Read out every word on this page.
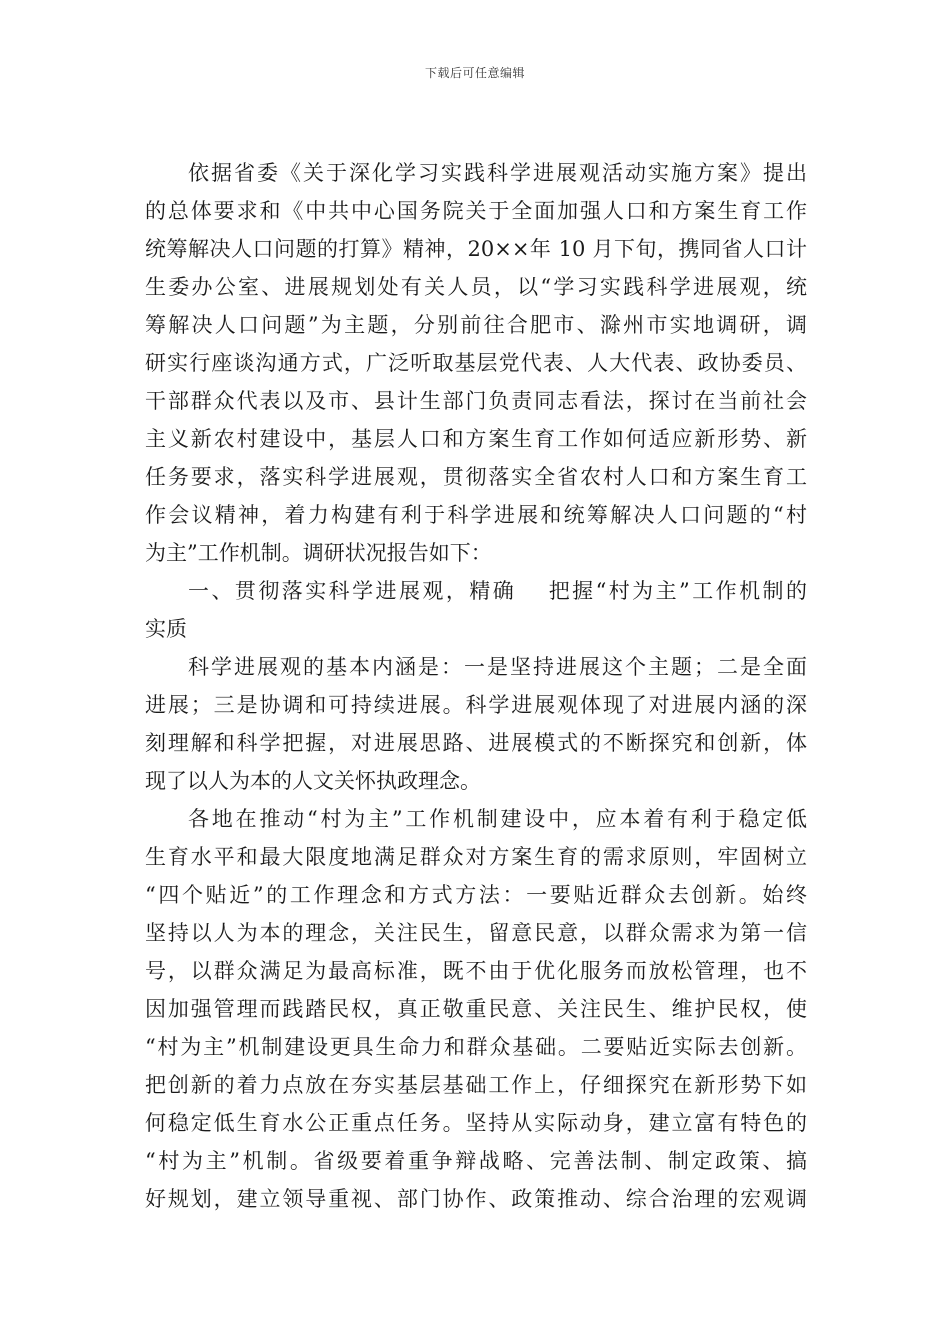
下载后可任意编辑
依据省委《关于深化学习实践科学进展观活动实施方案》提出
的总体要求和《中共中心国务院关于全面加强人口和方案生育工作
统筹解决人口问题的打算》精神，20××年 10 月下旬，携同省人口计
生委办公室、进展规划处有关人员，以“学习实践科学进展观，统
筹解决人口问题”为主题，分别前往合肥市、滁州市实地调研，调
研实行座谈沟通方式，广泛听取基层党代表、人大代表、政协委员、
干部群众代表以及市、县计生部门负责同志看法，探讨在当前社会
主义新农村建设中，基层人口和方案生育工作如何适应新形势、新
任务要求，落实科学进展观，贯彻落实全省农村人口和方案生育工
作会议精神，着力构建有利于科学进展和统筹解决人口问题的“村
为主”工作机制。调研状况报告如下：
一、贯彻落实科学进展观，精确　 把握“村为主”工作机制的
实质
科学进展观的基本内涵是：一是坚持进展这个主题；二是全面
进展；三是协调和可持续进展。科学进展观体现了对进展内涵的深
刻理解和科学把握，对进展思路、进展模式的不断探究和创新，体
现了以人为本的人文关怀执政理念。
各地在推动“村为主”工作机制建设中，应本着有利于稳定低
生育水平和最大限度地满足群众对方案生育的需求原则，牢固树立
“四个贴近”的工作理念和方式方法：一要贴近群众去创新。始终
坚持以人为本的理念，关注民生，留意民意，以群众需求为第一信
号，以群众满足为最高标准，既不由于优化服务而放松管理，也不
因加强管理而践踏民权，真正敬重民意、关注民生、维护民权，使
“村为主”机制建设更具生命力和群众基础。二要贴近实际去创新。
把创新的着力点放在夯实基层基础工作上，仔细探究在新形势下如
何稳定低生育水公正重点任务。坚持从实际动身，建立富有特色的
“村为主”机制。省级要着重争辩战略、完善法制、制定政策、搞
好规划，建立领导重视、部门协作、政策推动、综合治理的宏观调
